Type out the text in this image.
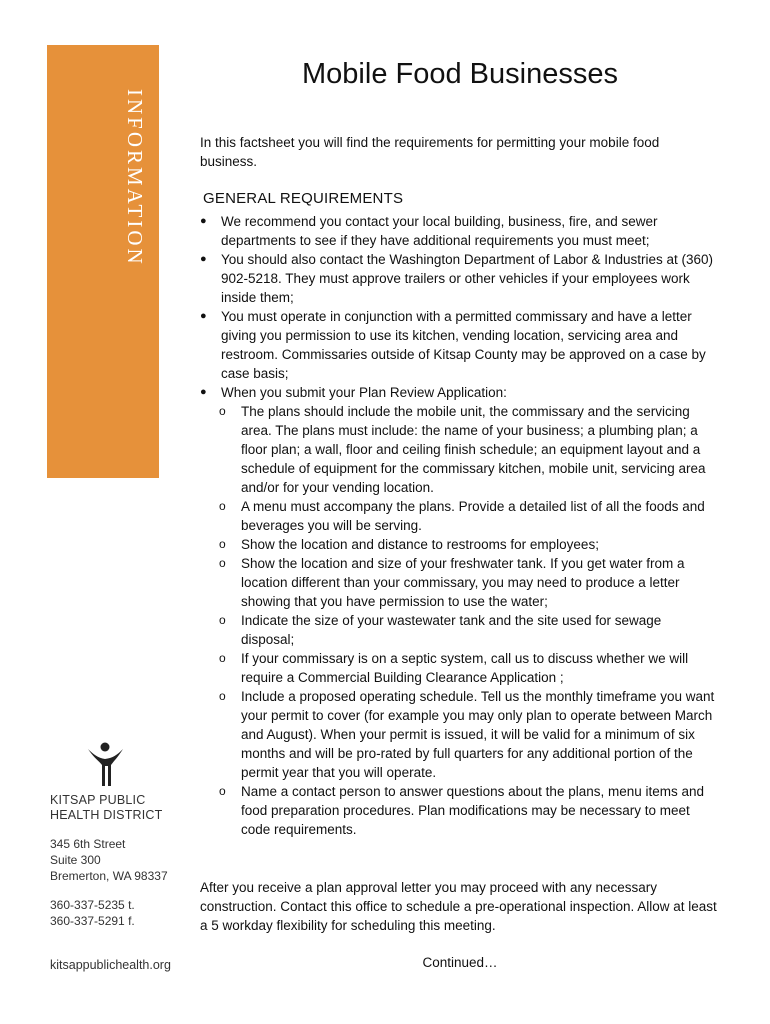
INFORMATION
KITSAP PUBLIC
HEALTH DISTRICT
345 6th Street
Suite 300
Bremerton, WA 98337
360-337-5235 t.
360-337-5291 f.
kitsappublichealth.org
Mobile Food Businesses
In this factsheet you will find the requirements for permitting your mobile food business.
GENERAL REQUIREMENTS
● We recommend you contact your local building, business, fire, and sewer departments to see if they have additional requirements you must meet;
● You should also contact the Washington Department of Labor & Industries at (360) 902-5218. They must approve trailers or other vehicles if your employees work inside them;
● You must operate in conjunction with a permitted commissary and have a letter giving you permission to use its kitchen, vending location, servicing area and restroom. Commissaries outside of Kitsap County may be approved on a case by case basis;
● When you submit your Plan Review Application:
o The plans should include the mobile unit, the commissary and the servicing area. The plans must include: the name of your business; a plumbing plan; a floor plan; a wall, floor and ceiling finish schedule; an equipment layout and a schedule of equipment for the commissary kitchen, mobile unit, servicing area and/or for your vending location.
o A menu must accompany the plans. Provide a detailed list of all the foods and beverages you will be serving.
o Show the location and distance to restrooms for employees;
o Show the location and size of your freshwater tank. If you get water from a location different than your commissary, you may need to produce a letter showing that you have permission to use the water;
o Indicate the size of your wastewater tank and the site used for sewage disposal;
o If your commissary is on a septic system, call us to discuss whether we will require a Commercial Building Clearance Application ;
o Include a proposed operating schedule. Tell us the monthly timeframe you want your permit to cover (for example you may only plan to operate between March and August). When your permit is issued, it will be valid for a minimum of six months and will be pro-rated by full quarters for any additional portion of the permit year that you will operate.
o Name a contact person to answer questions about the plans, menu items and food preparation procedures. Plan modifications may be necessary to meet code requirements.
After you receive a plan approval letter you may proceed with any necessary construction. Contact this office to schedule a pre-operational inspection. Allow at least a 5 workday flexibility for scheduling this meeting.
Continued…
